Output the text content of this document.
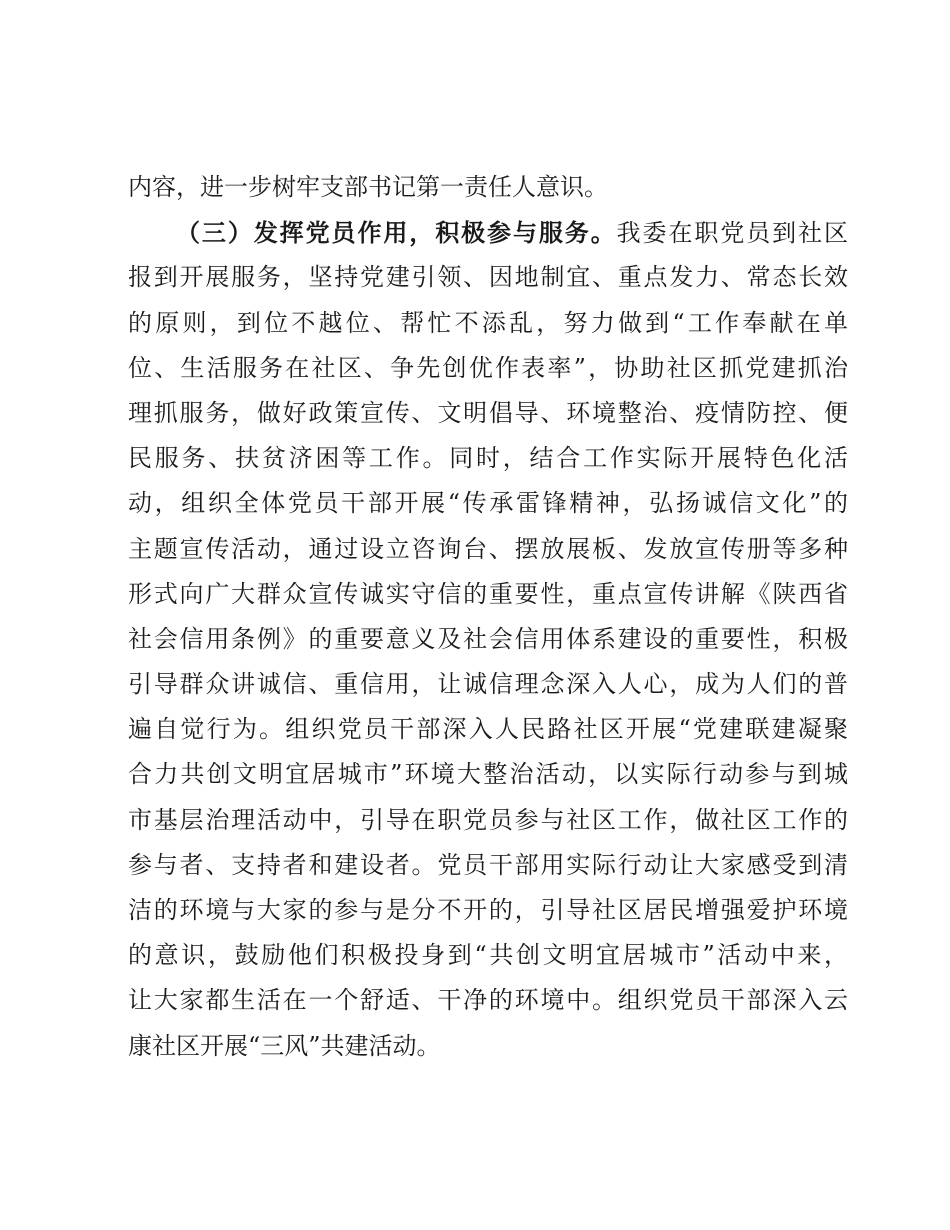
内容，进一步树牢支部书记第一责任人意识。
（三）发挥党员作用，积极参与服务。我委在职党员到社区
报到开展服务，坚持党建引领、因地制宜、重点发力、常态长效
的原则，到位不越位、帮忙不添乱，努力做到“工作奉献在单
位、生活服务在社区、争先创优作表率”，协助社区抓党建抓治
理抓服务，做好政策宣传、文明倡导、环境整治、疫情防控、便
民服务、扶贫济困等工作。同时，结合工作实际开展特色化活
动，组织全体党员干部开展“传承雷锋精神，弘扬诚信文化”的
主题宣传活动，通过设立咨询台、摆放展板、发放宣传册等多种
形式向广大群众宣传诚实守信的重要性，重点宣传讲解《陕西省
社会信用条例》的重要意义及社会信用体系建设的重要性，积极
引导群众讲诚信、重信用，让诚信理念深入人心，成为人们的普
遍自觉行为。组织党员干部深入人民路社区开展“党建联建凝聚
合力共创文明宜居城市”环境大整治活动，以实际行动参与到城
市基层治理活动中，引导在职党员参与社区工作，做社区工作的
参与者、支持者和建设者。党员干部用实际行动让大家感受到清
洁的环境与大家的参与是分不开的，引导社区居民增强爱护环境
的意识，鼓励他们积极投身到“共创文明宜居城市”活动中来，
让大家都生活在一个舒适、干净的环境中。组织党员干部深入云
康社区开展“三风”共建活动。
